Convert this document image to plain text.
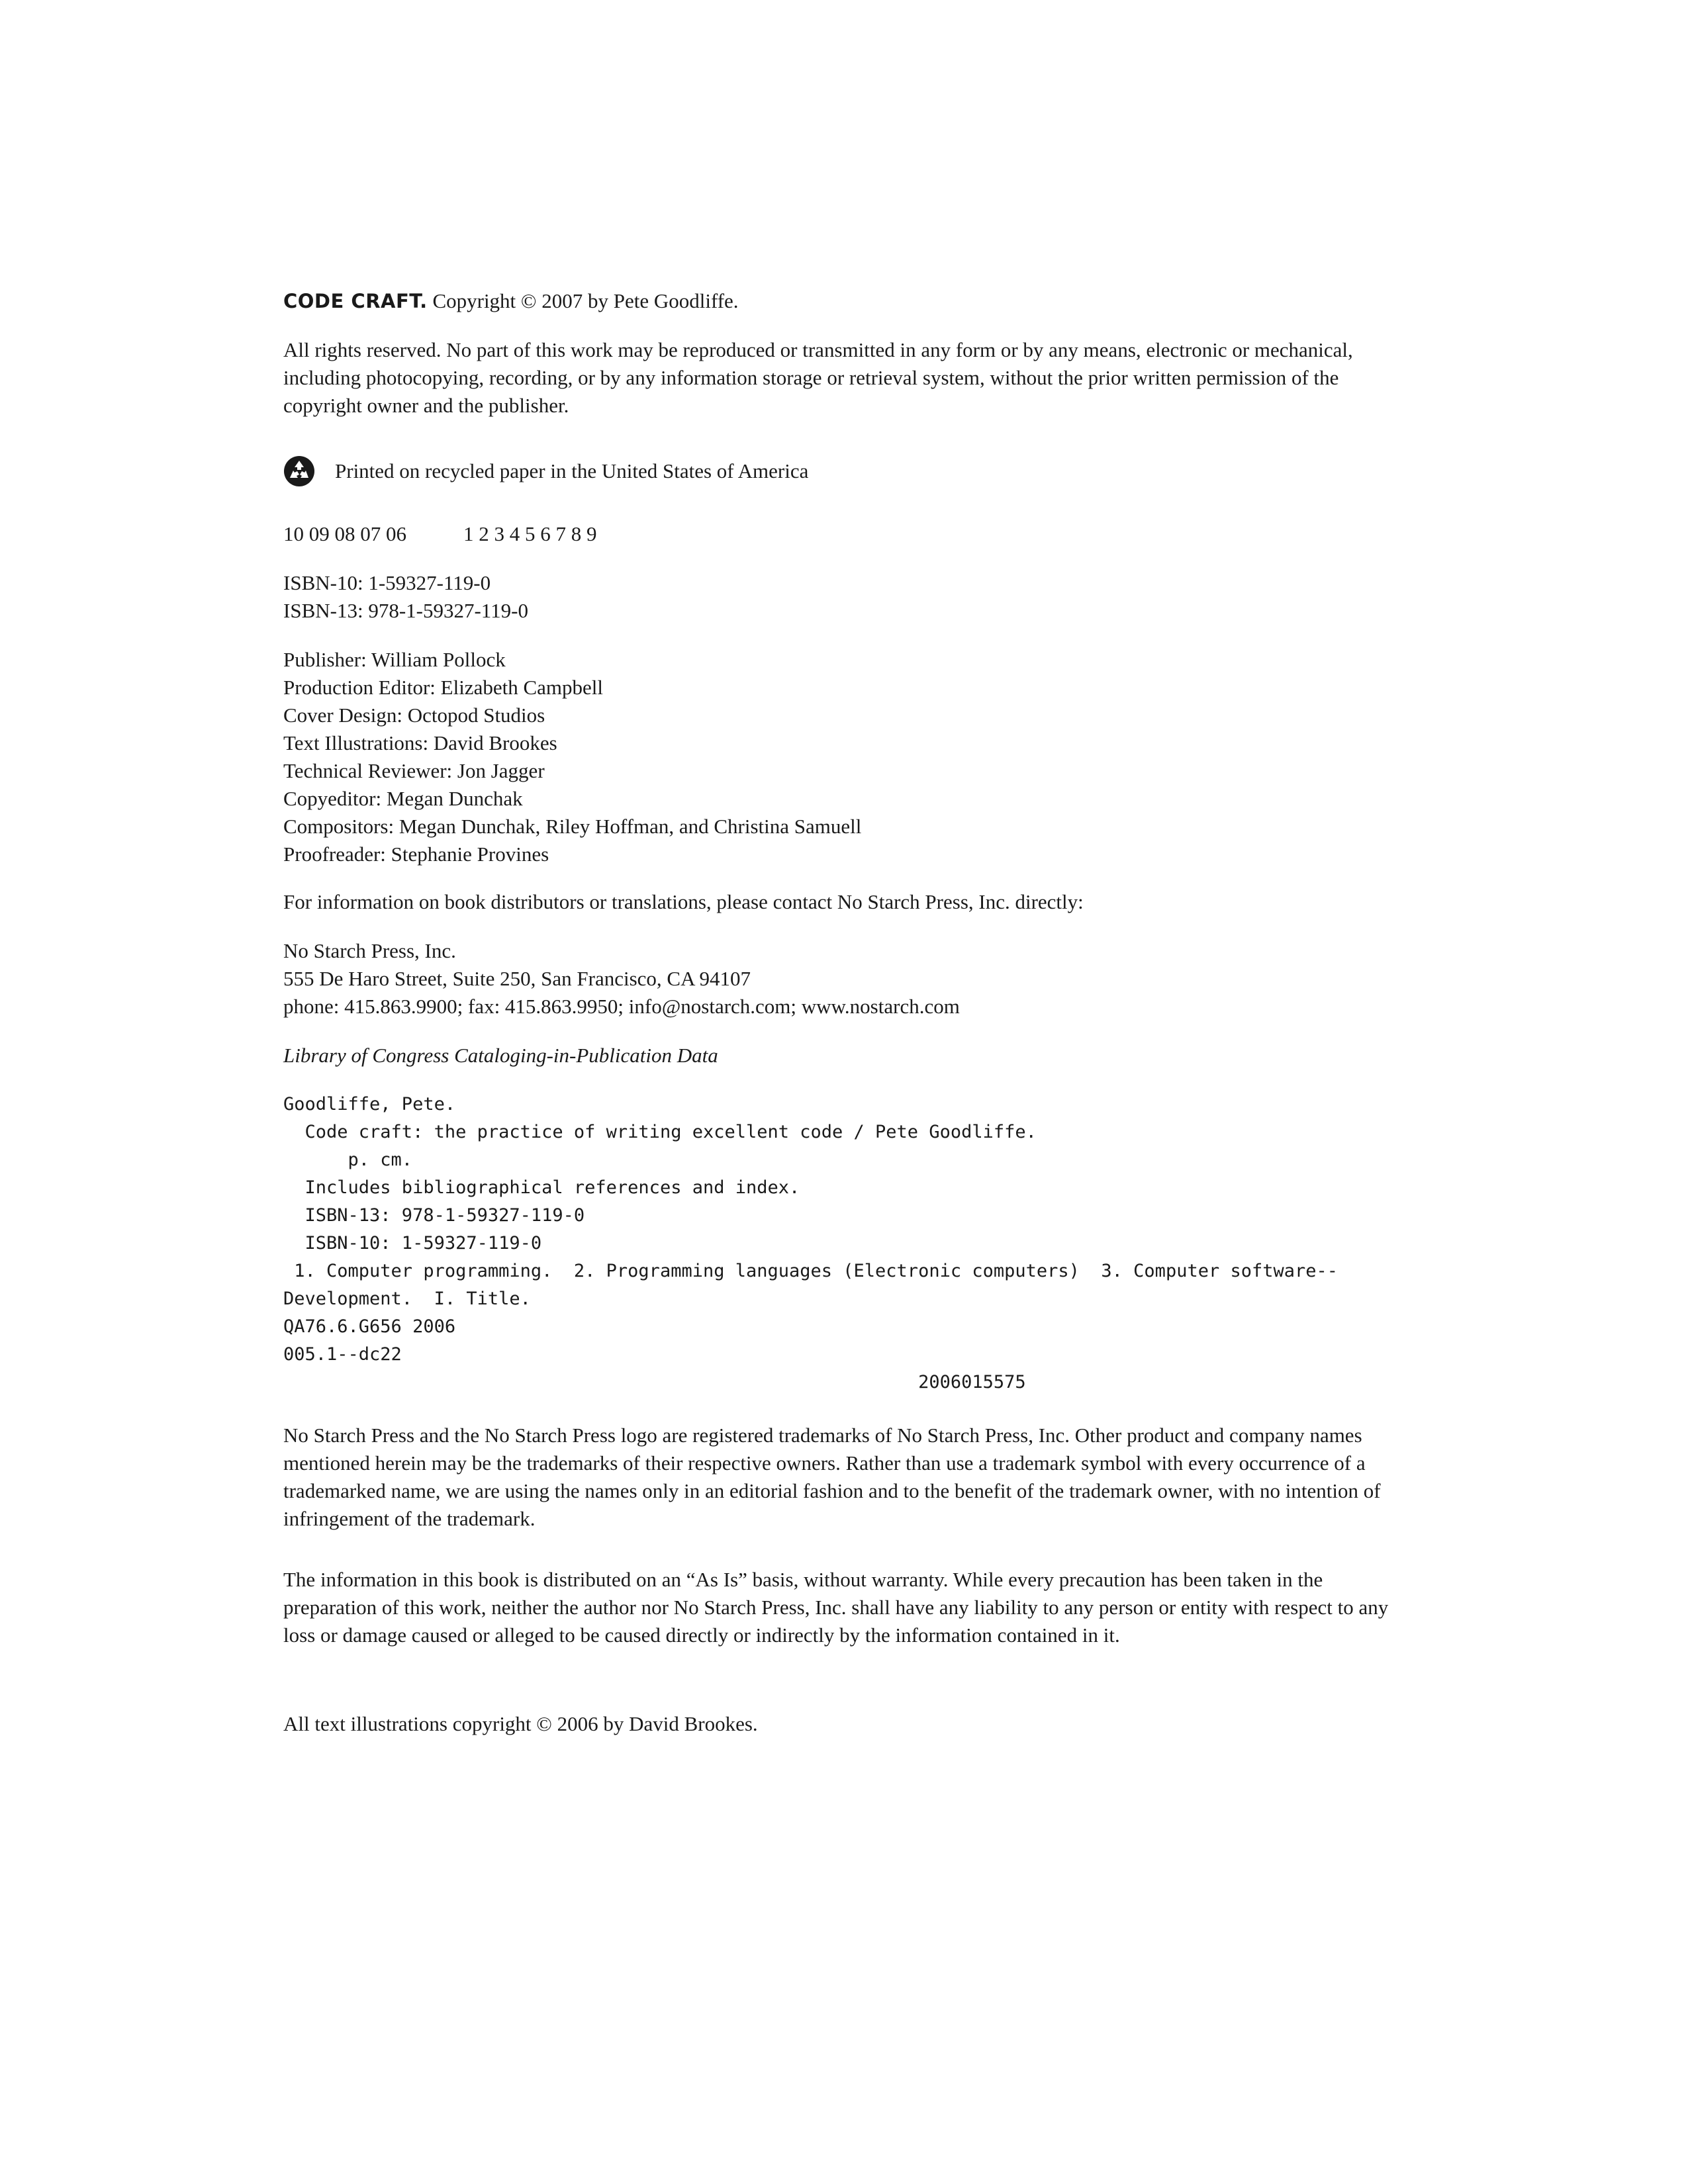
CODE CRAFT. Copyright © 2007 by Pete Goodliffe.

All rights reserved. No part of this work may be reproduced or transmitted in any form or by any means, electronic or mechanical, including photocopying, recording, or by any information storage or retrieval system, without the prior written permission of the copyright owner and the publisher.

Printed on recycled paper in the United States of America

10 09 08 07 06	1 2 3 4 5 6 7 8 9

ISBN-10: 1-59327-119-0

ISBN-13: 978-1-59327-119-0

Publisher: William Pollock

Production Editor: Elizabeth Campbell

Cover Design: Octopod Studios

Text Illustrations: David Brookes

Technical Reviewer: Jon Jagger

Copyeditor: Megan Dunchak

Compositors: Megan Dunchak, Riley Hoffman, and Christina Samuell

Proofreader: Stephanie Provines

For information on book distributors or translations, please contact No Starch Press, Inc. directly:

No Starch Press, Inc.

555 De Haro Street, Suite 250, San Francisco, CA 94107

phone: 415.863.9900; fax: 415.863.9950; info@nostarch.com; www.nostarch.com

Library of Congress Cataloging-in-Publication Data

Goodliffe, Pete.

Code craft: the practice of writing excellent code / Pete Goodliffe.

p. cm.

Includes bibliographical references and index.

ISBN-13: 978-1-59327-119-0

ISBN-10: 1-59327-119-0

1. Computer programming.  2. Programming languages (Electronic computers)  3. Computer software--

Development.  I. Title.

QA76.6.G656 2006

005.1--dc22

2006015575

No Starch Press and the No Starch Press logo are registered trademarks of No Starch Press, Inc. Other product and company names mentioned herein may be the trademarks of their respective owners. Rather than use a trademark symbol with every occurrence of a trademarked name, we are using the names only in an editorial fashion and to the benefit of the trademark owner, with no intention of infringement of the trademark.

The information in this book is distributed on an “As Is” basis, without warranty. While every precaution has been taken in the preparation of this work, neither the author nor No Starch Press, Inc. shall have any liability to any person or entity with respect to any loss or damage caused or alleged to be caused directly or indirectly by the information contained in it.

All text illustrations copyright © 2006 by David Brookes.
